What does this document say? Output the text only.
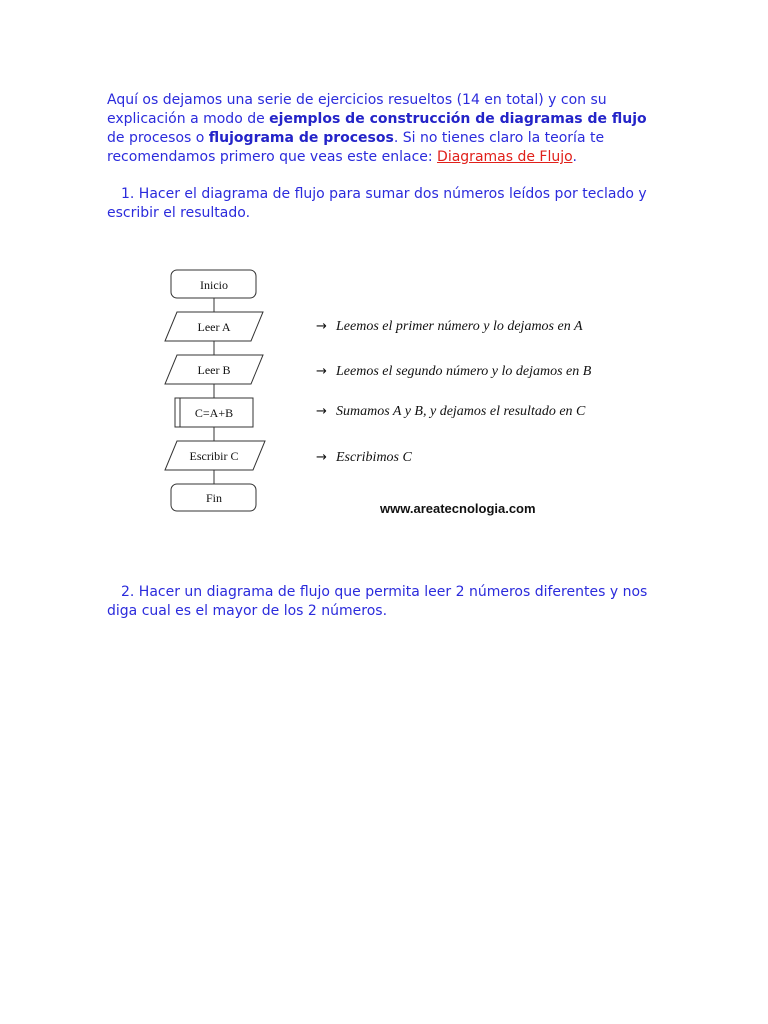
Aquí os dejamos una serie de ejercicios resueltos (14 en total) y con su explicación a modo de ejemplos de construcción de diagramas de flujo de procesos o flujograma de procesos. Si no tienes claro la teoría te recomendamos primero que veas este enlace: Diagramas de Flujo.

1. Hacer el diagrama de flujo para sumar dos números leídos por teclado y escribir el resultado.

Inicio
Leer A
Leer B
C=A+B
Escribir C
Fin
→ Leemos el primer número y lo dejamos en A
→ Leemos el segundo número y lo dejamos en B
→ Sumamos A y B, y dejamos el resultado en C
→ Escribimos C
www.areatecnologia.com

2. Hacer un diagrama de flujo que permita leer 2 números diferentes y nos diga cual es el mayor de los 2 números.
